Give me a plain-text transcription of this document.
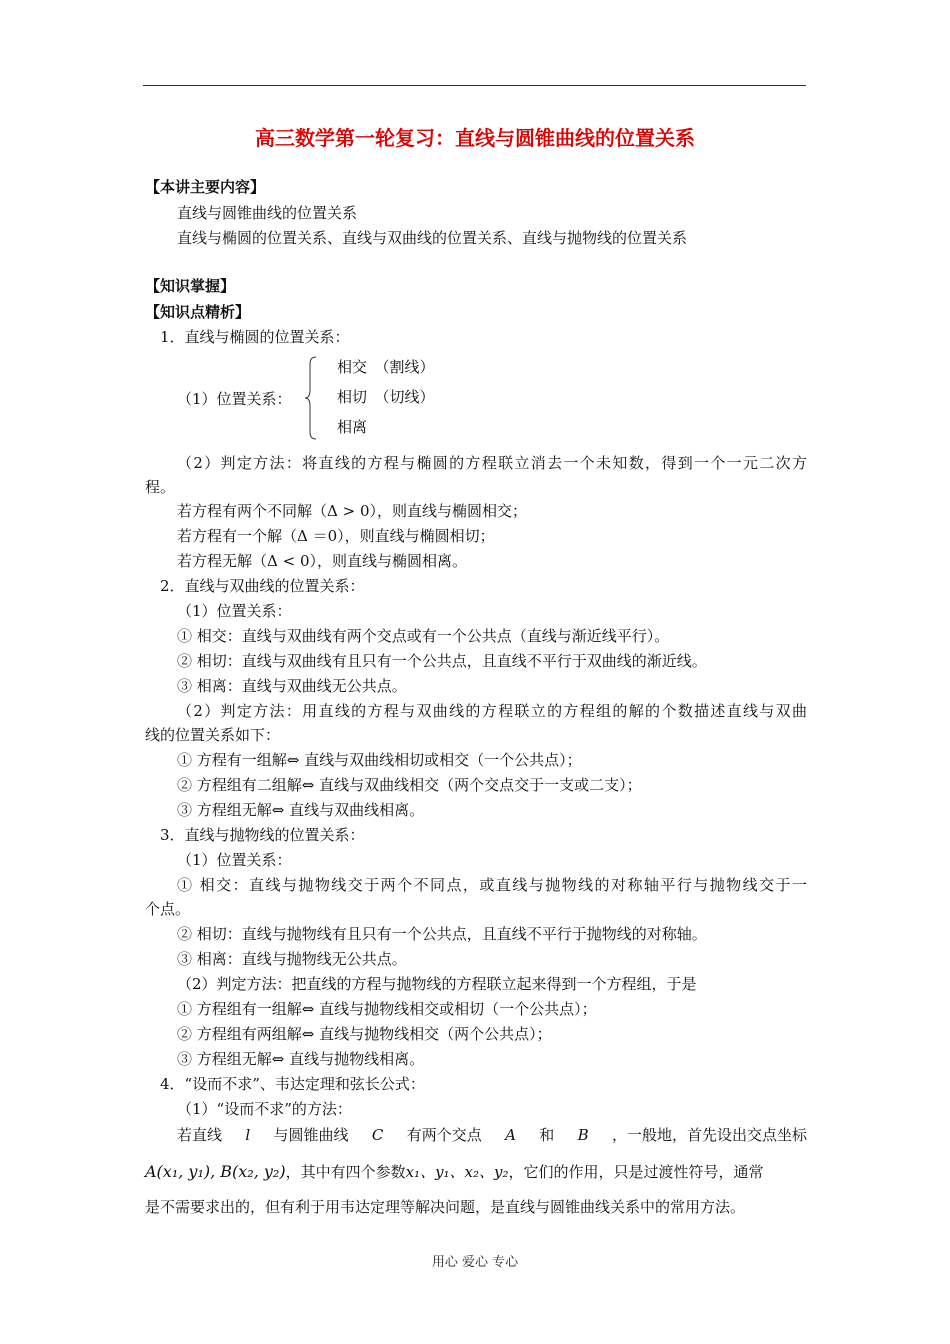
高三数学第一轮复习：直线与圆锥曲线的位置关系
【本讲主要内容】
直线与圆锥曲线的位置关系
直线与椭圆的位置关系、直线与双曲线的位置关系、直线与抛物线的位置关系
【知识掌握】
【知识点精析】
1．直线与椭圆的位置关系：
（1）位置关系：
相交　（割线）
相切　（切线）
相离
（2）判定方法：将直线的方程与椭圆的方程联立消去一个未知数，得到一个一元二次方
程。
若方程有两个不同解（Δ > 0），则直线与椭圆相交；
若方程有一个解（Δ ＝0），则直线与椭圆相切；
若方程无解（Δ < 0），则直线与椭圆相离。
2．直线与双曲线的位置关系：
（1）位置关系：
① 相交：直线与双曲线有两个交点或有一个公共点（直线与渐近线平行）。
② 相切：直线与双曲线有且只有一个公共点，且直线不平行于双曲线的渐近线。
③ 相离：直线与双曲线无公共点。
（2）判定方法：用直线的方程与双曲线的方程联立的方程组的解的个数描述直线与双曲
线的位置关系如下：
① 方程有一组解⇔ 直线与双曲线相切或相交（一个公共点）；
② 方程组有二组解⇔ 直线与双曲线相交（两个交点交于一支或二支）；
③ 方程组无解⇔ 直线与双曲线相离。
3．直线与抛物线的位置关系：
（1）位置关系：
① 相交：直线与抛物线交于两个不同点，或直线与抛物线的对称轴平行与抛物线交于一
个点。
② 相切：直线与抛物线有且只有一个公共点，且直线不平行于抛物线的对称轴。
③ 相离：直线与抛物线无公共点。
（2）判定方法：把直线的方程与抛物线的方程联立起来得到一个方程组，于是
① 方程组有一组解⇔ 直线与抛物线相交或相切（一个公共点）；
② 方程组有两组解⇔ 直线与抛物线相交（两个公共点）；
③ 方程组无解⇔ 直线与抛物线相离。
4．“设而不求”、韦达定理和弦长公式：
（1）“设而不求”的方法：
若直线 l 与圆锥曲线 C 有两个交点 A 和 B ，一般地，首先设出交点坐标
A(x₁, y₁), B(x₂, y₂)，其中有四个参数x₁、y₁、x₂、y₂，它们的作用，只是过渡性符号，通常
是不需要求出的，但有利于用韦达定理等解决问题，是直线与圆锥曲线关系中的常用方法。
用心 爱心 专心
